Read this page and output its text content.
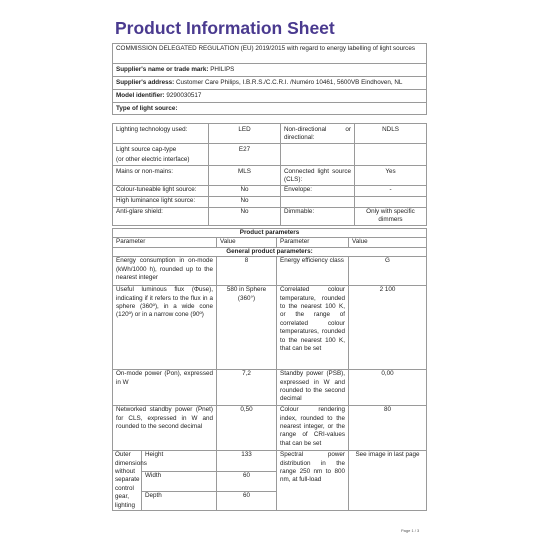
Product Information Sheet
COMMISSION DELEGATED REGULATION (EU) 2019/2015 with regard to energy labelling of light sources
Supplier's name or trade mark: PHILIPS
Supplier's address: Customer Care Philips, I.B.R.S./C.C.R.I. /Numéro 10461, 5600VB Eindhoven, NL
Model identifier: 9290030517
Type of light source:
Lighting technology used:	LED	Non-directional or directional:	NDLS

Light source cap-type
(or other electric interface)	E27		
Mains or non-mains:	MLS	Connected light source (CLS):	Yes
Colour-tuneable light source:	No	Envelope:	-
High luminance light source:	No		
Anti-glare shield:	No	Dimmable:	Only with specific dimmers
Product parameters				
Parameter		Value	Parameter	Value
General product parameters:				
Energy consumption in on-mode (kWh/1000 h), rounded up to the nearest integer		8	Energy efficiency class	G
Useful luminous flux (Φuse), indicating if it refers to the flux in a sphere (360º), in a wide cone (120º) or in a narrow cone (90º)		580 in Sphere (360°)	Correlated colour temperature, rounded to the nearest 100 K, or the range of correlated colour temperatures, rounded to the nearest 100 K, that can be set	2 100
On-mode power (Pon), expressed in W		7,2	Standby power (PSB), expressed in W and rounded to the second decimal	0,00
Networked standby power (Pnet) for CLS, expressed in W and rounded to the second decimal		0,50	Colour rendering index, rounded to the nearest integer, or the range of CRI-values that can be set	80
Outer dimensions without separate control gear, lighting	Height	133	Spectral power distribution in the range 250 nm to 800 nm, at full-load	See image in last page
	Width	60		
	Depth	60		
Page 1 / 3
